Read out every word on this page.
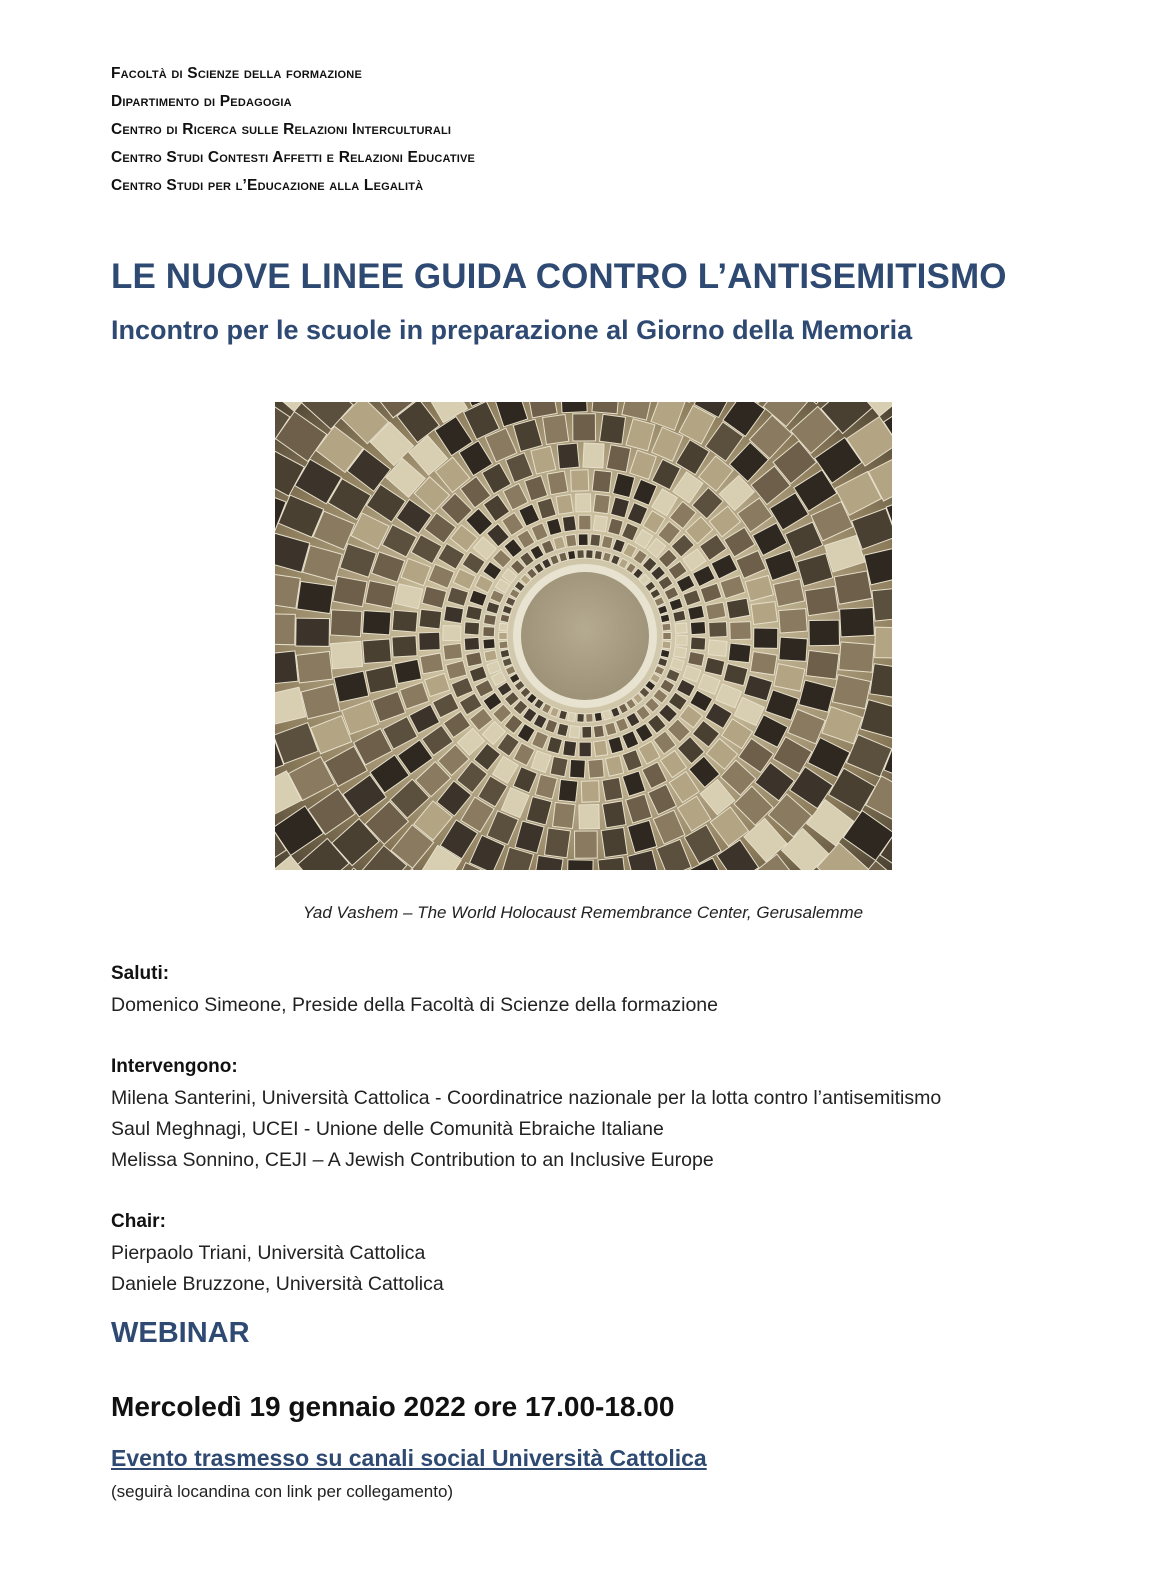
Facoltà di Scienze della formazione
Dipartimento di Pedagogia
Centro di Ricerca sulle Relazioni Interculturali
Centro Studi Contesti Affetti e Relazioni Educative
Centro Studi per l’Educazione alla Legalità
LE NUOVE LINEE GUIDA CONTRO L’ANTISEMITISMO
Incontro per le scuole in preparazione al Giorno della Memoria
Yad Vashem – The World Holocaust Remembrance Center, Gerusalemme
Saluti:
Domenico Simeone, Preside della Facoltà di Scienze della formazione
Intervengono:
Milena Santerini, Università Cattolica - Coordinatrice nazionale per la lotta contro l’antisemitismo
Saul Meghnagi, UCEI - Unione delle Comunità Ebraiche Italiane
Melissa Sonnino, CEJI – A Jewish Contribution to an Inclusive Europe
Chair:
Pierpaolo Triani, Università Cattolica
Daniele Bruzzone, Università Cattolica
WEBINAR
Mercoledì 19 gennaio 2022 ore 17.00-18.00
Evento trasmesso su canali social Università Cattolica
(seguirà locandina con link per collegamento)
